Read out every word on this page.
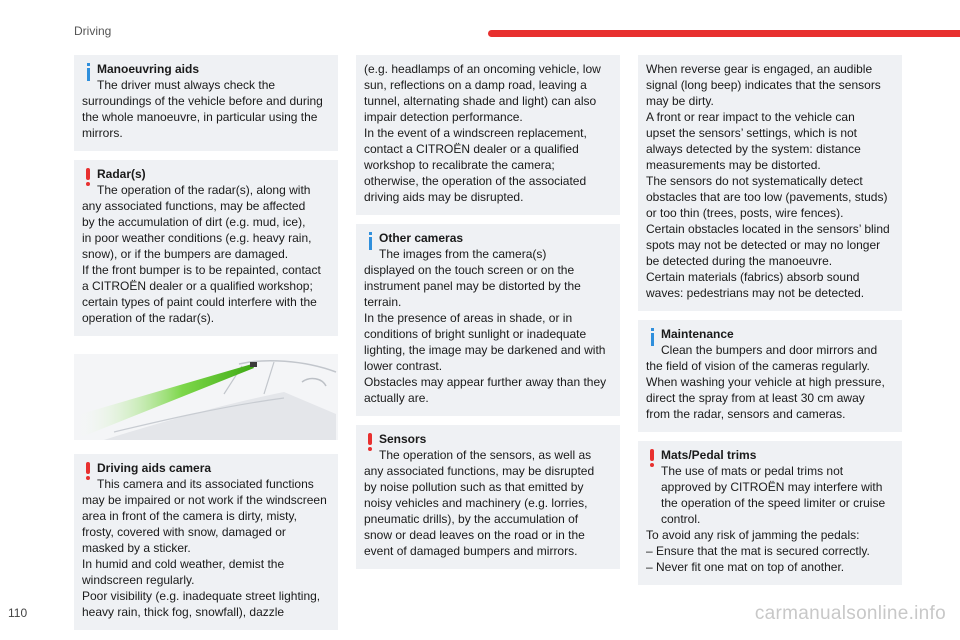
Driving
Manoeuvring aids
The driver must always check the
surroundings of the vehicle before and during
the whole manoeuvre, in particular using the
mirrors.
Radar(s)
The operation of the radar(s), along with
any associated functions, may be affected
by the accumulation of dirt (e.g. mud, ice),
in poor weather conditions (e.g. heavy rain,
snow), or if the bumpers are damaged.
If the front bumper is to be repainted, contact
a CITROËN dealer or a qualified workshop;
certain types of paint could interfere with the
operation of the radar(s).
Driving aids camera
This camera and its associated functions
may be impaired or not work if the windscreen
area in front of the camera is dirty, misty,
frosty, covered with snow, damaged or
masked by a sticker.
In humid and cold weather, demist the
windscreen regularly.
Poor visibility (e.g. inadequate street lighting,
heavy rain, thick fog, snowfall), dazzle
(e.g. headlamps of an oncoming vehicle, low
sun, reflections on a damp road, leaving a
tunnel, alternating shade and light) can also
impair detection performance.
In the event of a windscreen replacement,
contact a CITROËN dealer or a qualified
workshop to recalibrate the camera;
otherwise, the operation of the associated
driving aids may be disrupted.
Other cameras
The images from the camera(s)
displayed on the touch screen or on the
instrument panel may be distorted by the
terrain.
In the presence of areas in shade, or in
conditions of bright sunlight or inadequate
lighting, the image may be darkened and with
lower contrast.
Obstacles may appear further away than they
actually are.
Sensors
The operation of the sensors, as well as
any associated functions, may be disrupted
by noise pollution such as that emitted by
noisy vehicles and machinery (e.g. lorries,
pneumatic drills), by the accumulation of
snow or dead leaves on the road or in the
event of damaged bumpers and mirrors.
When reverse gear is engaged, an audible
signal (long beep) indicates that the sensors
may be dirty.
A front or rear impact to the vehicle can
upset the sensors’ settings, which is not
always detected by the system: distance
measurements may be distorted.
The sensors do not systematically detect
obstacles that are too low (pavements, studs)
or too thin (trees, posts, wire fences).
Certain obstacles located in the sensors’ blind
spots may not be detected or may no longer
be detected during the manoeuvre.
Certain materials (fabrics) absorb sound
waves: pedestrians may not be detected.
Maintenance
Clean the bumpers and door mirrors and
the field of vision of the cameras regularly.
When washing your vehicle at high pressure,
direct the spray from at least 30 cm away
from the radar, sensors and cameras.
Mats/Pedal trims
The use of mats or pedal trims not
approved by CITROËN may interfere with
the operation of the speed limiter or cruise
control.
To avoid any risk of jamming the pedals:
– Ensure that the mat is secured correctly.
– Never fit one mat on top of another.
110	carmanualsonline.info
